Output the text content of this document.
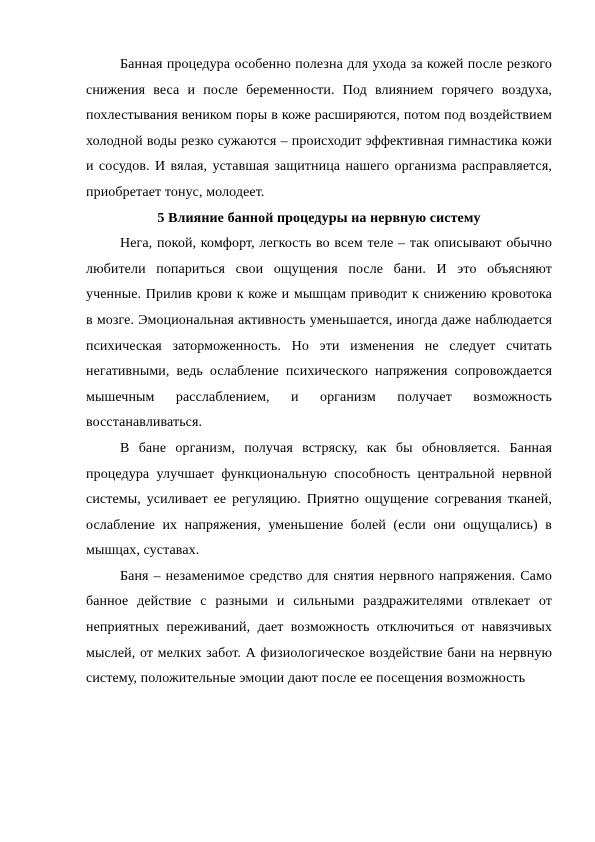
Банная процедура особенно полезна для ухода за кожей после резкого снижения веса и после беременности. Под влиянием горячего воздуха, похлестывания веником поры в коже расширяются, потом под воздействием холодной воды резко сужаются – происходит эффективная гимнастика кожи и сосудов. И вялая, уставшая защитница нашего организма расправляется, приобретает тонус, молодеет.

5 Влияние банной процедуры на нервную систему

Нега, покой, комфорт, легкость во всем теле – так описывают обычно любители попариться свои ощущения после бани. И это объясняют ученные. Прилив крови к коже и мышцам приводит к снижению кровотока в мозге. Эмоциональная активность уменьшается, иногда даже наблюдается психическая заторможенность. Но эти изменения не следует считать негативными, ведь ослабление психического напряжения сопровождается мышечным расслаблением, и организм получает возможность восстанавливаться.

В бане организм, получая встряску, как бы обновляется. Банная процедура улучшает функциональную способность центральной нервной системы, усиливает ее регуляцию. Приятно ощущение согревания тканей, ослабление их напряжения, уменьшение болей (если они ощущались) в мышцах, суставах.

Баня – незаменимое средство для снятия нервного напряжения. Само банное действие с разными и сильными раздражителями отвлекает от неприятных переживаний, дает возможность отключиться от навязчивых мыслей, от мелких забот. А физиологическое воздействие бани на нервную систему, положительные эмоции дают после ее посещения возможность
